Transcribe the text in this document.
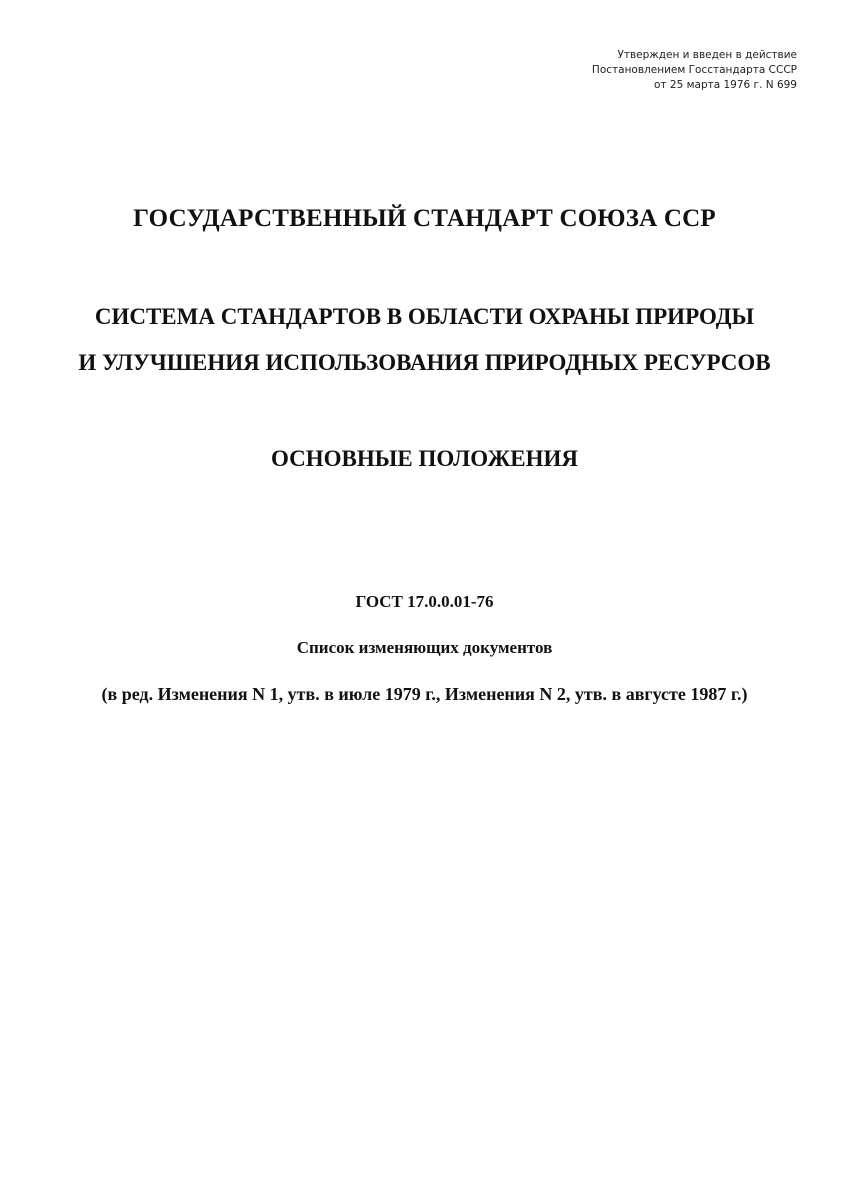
Утвержден и введен в действие
Постановлением Госстандарта СССР
от 25 марта 1976 г. N 699
ГОСУДАРСТВЕННЫЙ СТАНДАРТ СОЮЗА ССР
СИСТЕМА СТАНДАРТОВ В ОБЛАСТИ ОХРАНЫ ПРИРОДЫ
И УЛУЧШЕНИЯ ИСПОЛЬЗОВАНИЯ ПРИРОДНЫХ РЕСУРСОВ
ОСНОВНЫЕ ПОЛОЖЕНИЯ
ГОСТ 17.0.0.01-76
Список изменяющих документов
(в ред. Изменения N 1, утв. в июле 1979 г., Изменения N 2, утв. в августе 1987 г.)
